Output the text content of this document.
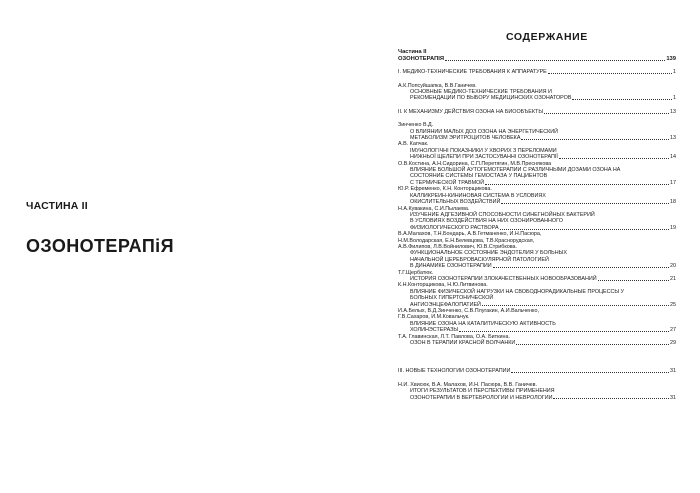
ЧАСТИНА II
ОЗОНОТЕРАПіЯ
СОДЕРЖАНИЕ
Частина II
ОЗОНОТЕРАПІЯ	139
I. МЕДИКО-ТЕХНИЧЕСКИЕ ТРЕБОВАНИЯ К АППАРАТУРЕ	1
А.К.Попсуйшапка, В.В.Ганичев.
ОСНОВНЫЕ МЕДИКО-ТЕХНИЧЕСКИЕ ТРЕБОВАНИЯ И
РЕКОМЕНДАЦИИ ПО ВЫБОРУ МЕДИЦИНСКИХ ОЗОНАТОРОВ	1
II. К МЕХАНИЗМУ ДЕЙСТВИЯ ОЗОНА НА БИООБЪЕКТЫ	13
Зинченко В.Д.
О ВЛИЯНИИ МАЛЫХ ДОЗ ОЗОНА НА ЭНЕРГЕТИЧЕСКИЙ
МЕТАБОЛИЗМ ЭРИТРОЦИТОВ ЧЕЛОВЕКА	13
А.В. Капчак.
ІМУНОЛОГІЧНІ ПОКАЗНИКИ У ХВОРИХ З ПЕРЕЛОМАМИ
НИЖНЬОЇ ЩЕЛЕПИ ПРИ ЗАСТОСУВАННІ ОЗОНОТЕРАПІЇ	14
О.В.Костина, А.Н.Сидорина, С.П.Перетягин, М.В.Преснякова
ВЛИЯНИЕ БОЛЬШОЙ АУТОГЕМОТЕРАПИИ С РАЗЛИЧНЫМИ ДОЗАМИ ОЗОНА НА
СОСТОЯНИЕ СИСТЕМЫ ГЕМОСТАЗА У ПАЦИЕНТОВ
С ТЕРМИЧЕСКОЙ ТРАВМОЙ	17
Ю.Р. Ефременко, К.Н. Конторщикова.
КАЛЛИКРЕИН-КИНИНОВАЯ СИСТЕМА В УСЛОВИЯХ
ОКИСЛИТЕЛЬНЫХ ВОЗДЕЙСТВИЙ	18
Н.А.Кувакина, С.И.Пылаева.
ИЗУЧЕНИЕ АДГЕЗИВНОЙ СПОСОБНОСТИ СИНЕГНОЙНЫХ БАКТЕРИЙ
В УСЛОВИЯХ ВОЗДЕЙСТВИЯ НА НИХ ОЗОНИРОВАННОГО
ФИЗИОЛОГИЧЕСКОГО РАСТВОРА	19
В.А.Малахов, Т.Н.Бондарь, А.В.Гетманенко, И.Н.Пасюра,
Н.М.Володарская, Е.Н.Белевцова, Т.В.Краснорудская,
А.В.Филипов, Л.В.Войнилович, Ю.В.Стрибкова.
ФУНКЦИОНАЛЬНОЕ СОСТОЯНИЕ ЭНДОТЕЛИЯ У БОЛЬНЫХ
НАЧАЛЬНОЙ ЦЕРЕБРОВАСКУЛЯРНОЙ ПАТОЛОГИЕЙ
В ДИНАМИКЕ ОЗОНОТЕРАПИИ	20
Т.Г.Щербатюк.
ИСТОРИЯ ОЗОНОТЕРАПИИ ЗЛОКАЧЕСТВЕННЫХ НОВООБРАЗОВАНИЙ	21
К.Н.Конторщикова, Н.Ю.Литвинова.
ВЛИЯНИЕ ФИЗИЧЕСКОЙ НАГРУЗКИ НА СВОБОДНОРАДИКАЛЬНЫЕ ПРОЦЕССЫ У
БОЛЬНЫХ ГИПЕРТОНИЧЕСКОЙ
АНГИОЭНЦЕФАЛОПАТИЕЙ	25
И.А.Белых, В.Д.Зинченко, С.В.Плугакин, А.И.Вальченко,
Г.В.Сахаров, И.М.Ковальчук.
ВЛИЯНИЕ ОЗОНА НА КАТАЛИТИЧЕСКУЮ АКТИВНОСТЬ
ХОЛИНЭСТЕРАЗЫ	27
Т.А. Главинская, Л.Т. Павлова, О.А. Биткина.
ОЗОН В ТЕРАПИИ КРАСНОЙ ВОЛЧАНКИ	29
III. НОВЫЕ ТЕХНОЛОГИИ ОЗОНОТЕРАПИИ	31
Н.И. Хвисюк, В.А. Малахов, И.Н. Пасюра, В.В. Ганичев.
ИТОГИ РЕЗУЛЬТАТОВ И ПЕРСПЕКТИВЫ ПРИМЕНЕНИЯ
ОЗОНОТЕРАПИИ В ВЕРТЕБРОЛОГИИ И НЕВРОЛОГИИ	31
